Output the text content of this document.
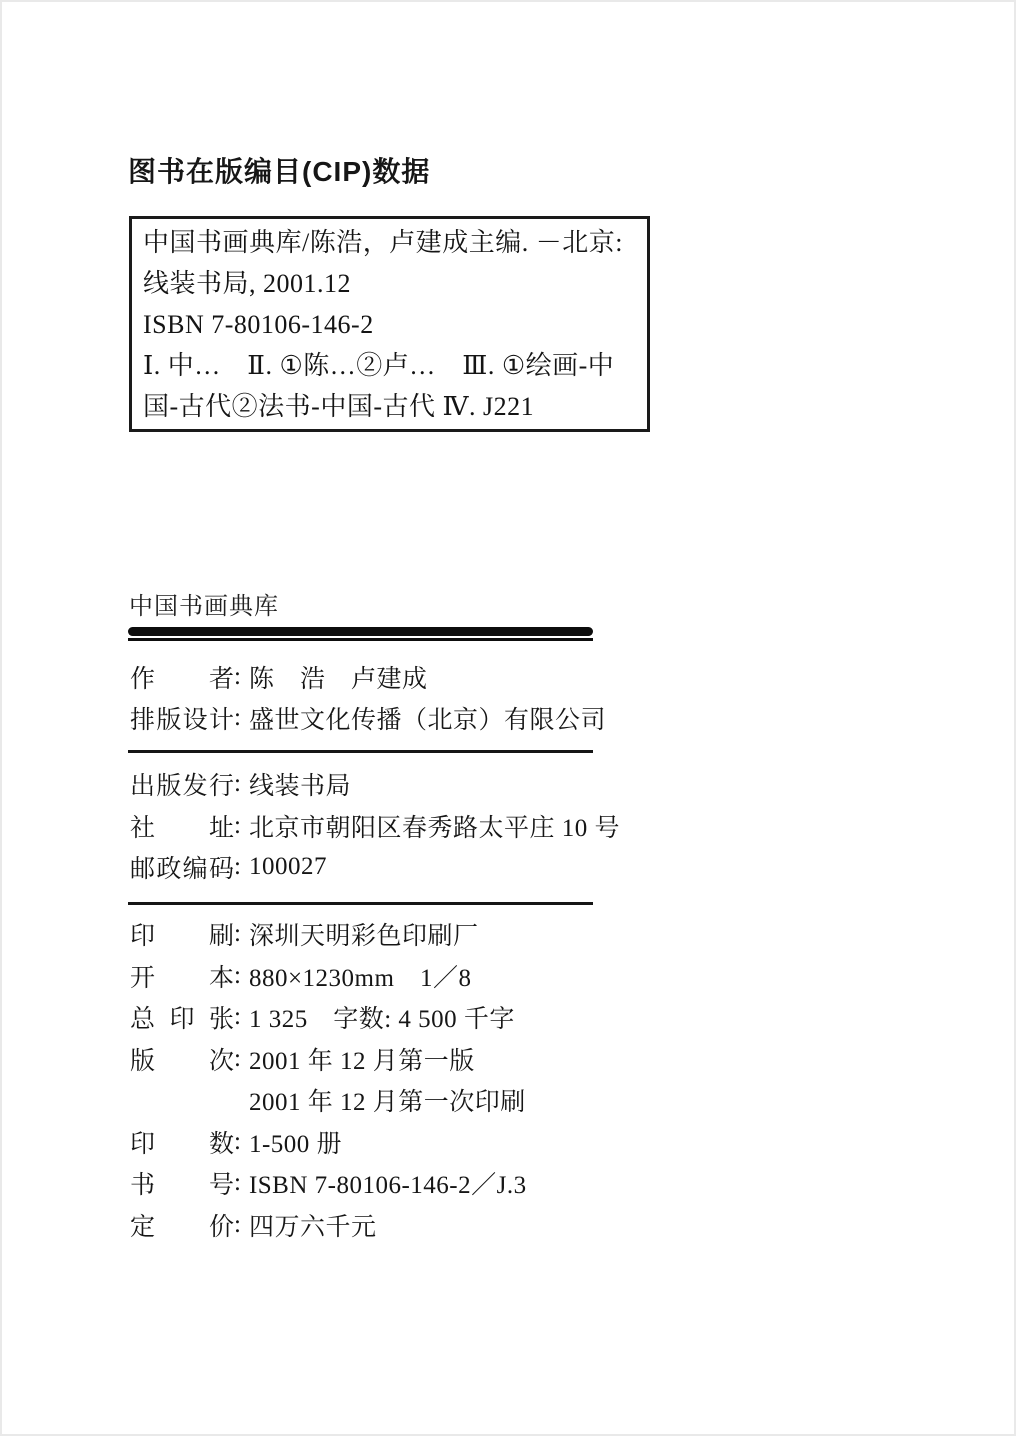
图书在版编目(CIP)数据

中国书画典库/陈浩，卢建成主编. －北京:

线装书局, 2001.12

ISBN 7-80106-146-2

Ⅰ. 中…　Ⅱ. ①陈…②卢…　Ⅲ. ①绘画-中

国-古代②法书-中国-古代 Ⅳ. J221

中国书画典库

作 者 : 陈　浩　卢建成
排 版 设 计 : 盛世文化传播（北京）有限公司
出 版 发 行 : 线装书局
社 址 : 北京市朝阳区春秀路太平庄 10 号
邮 政 编 码 : 100027
印 刷 : 深圳天明彩色印刷厂
开 本 : 880×1230mm　1／8
总 印 张 : 1 325　字数: 4 500 千字
版 次 : 2001 年 12 月第一版
2001 年 12 月第一次印刷
印 数 : 1-500 册
书 号 : ISBN 7-80106-146-2／J.3
定 价 : 四万六千元
